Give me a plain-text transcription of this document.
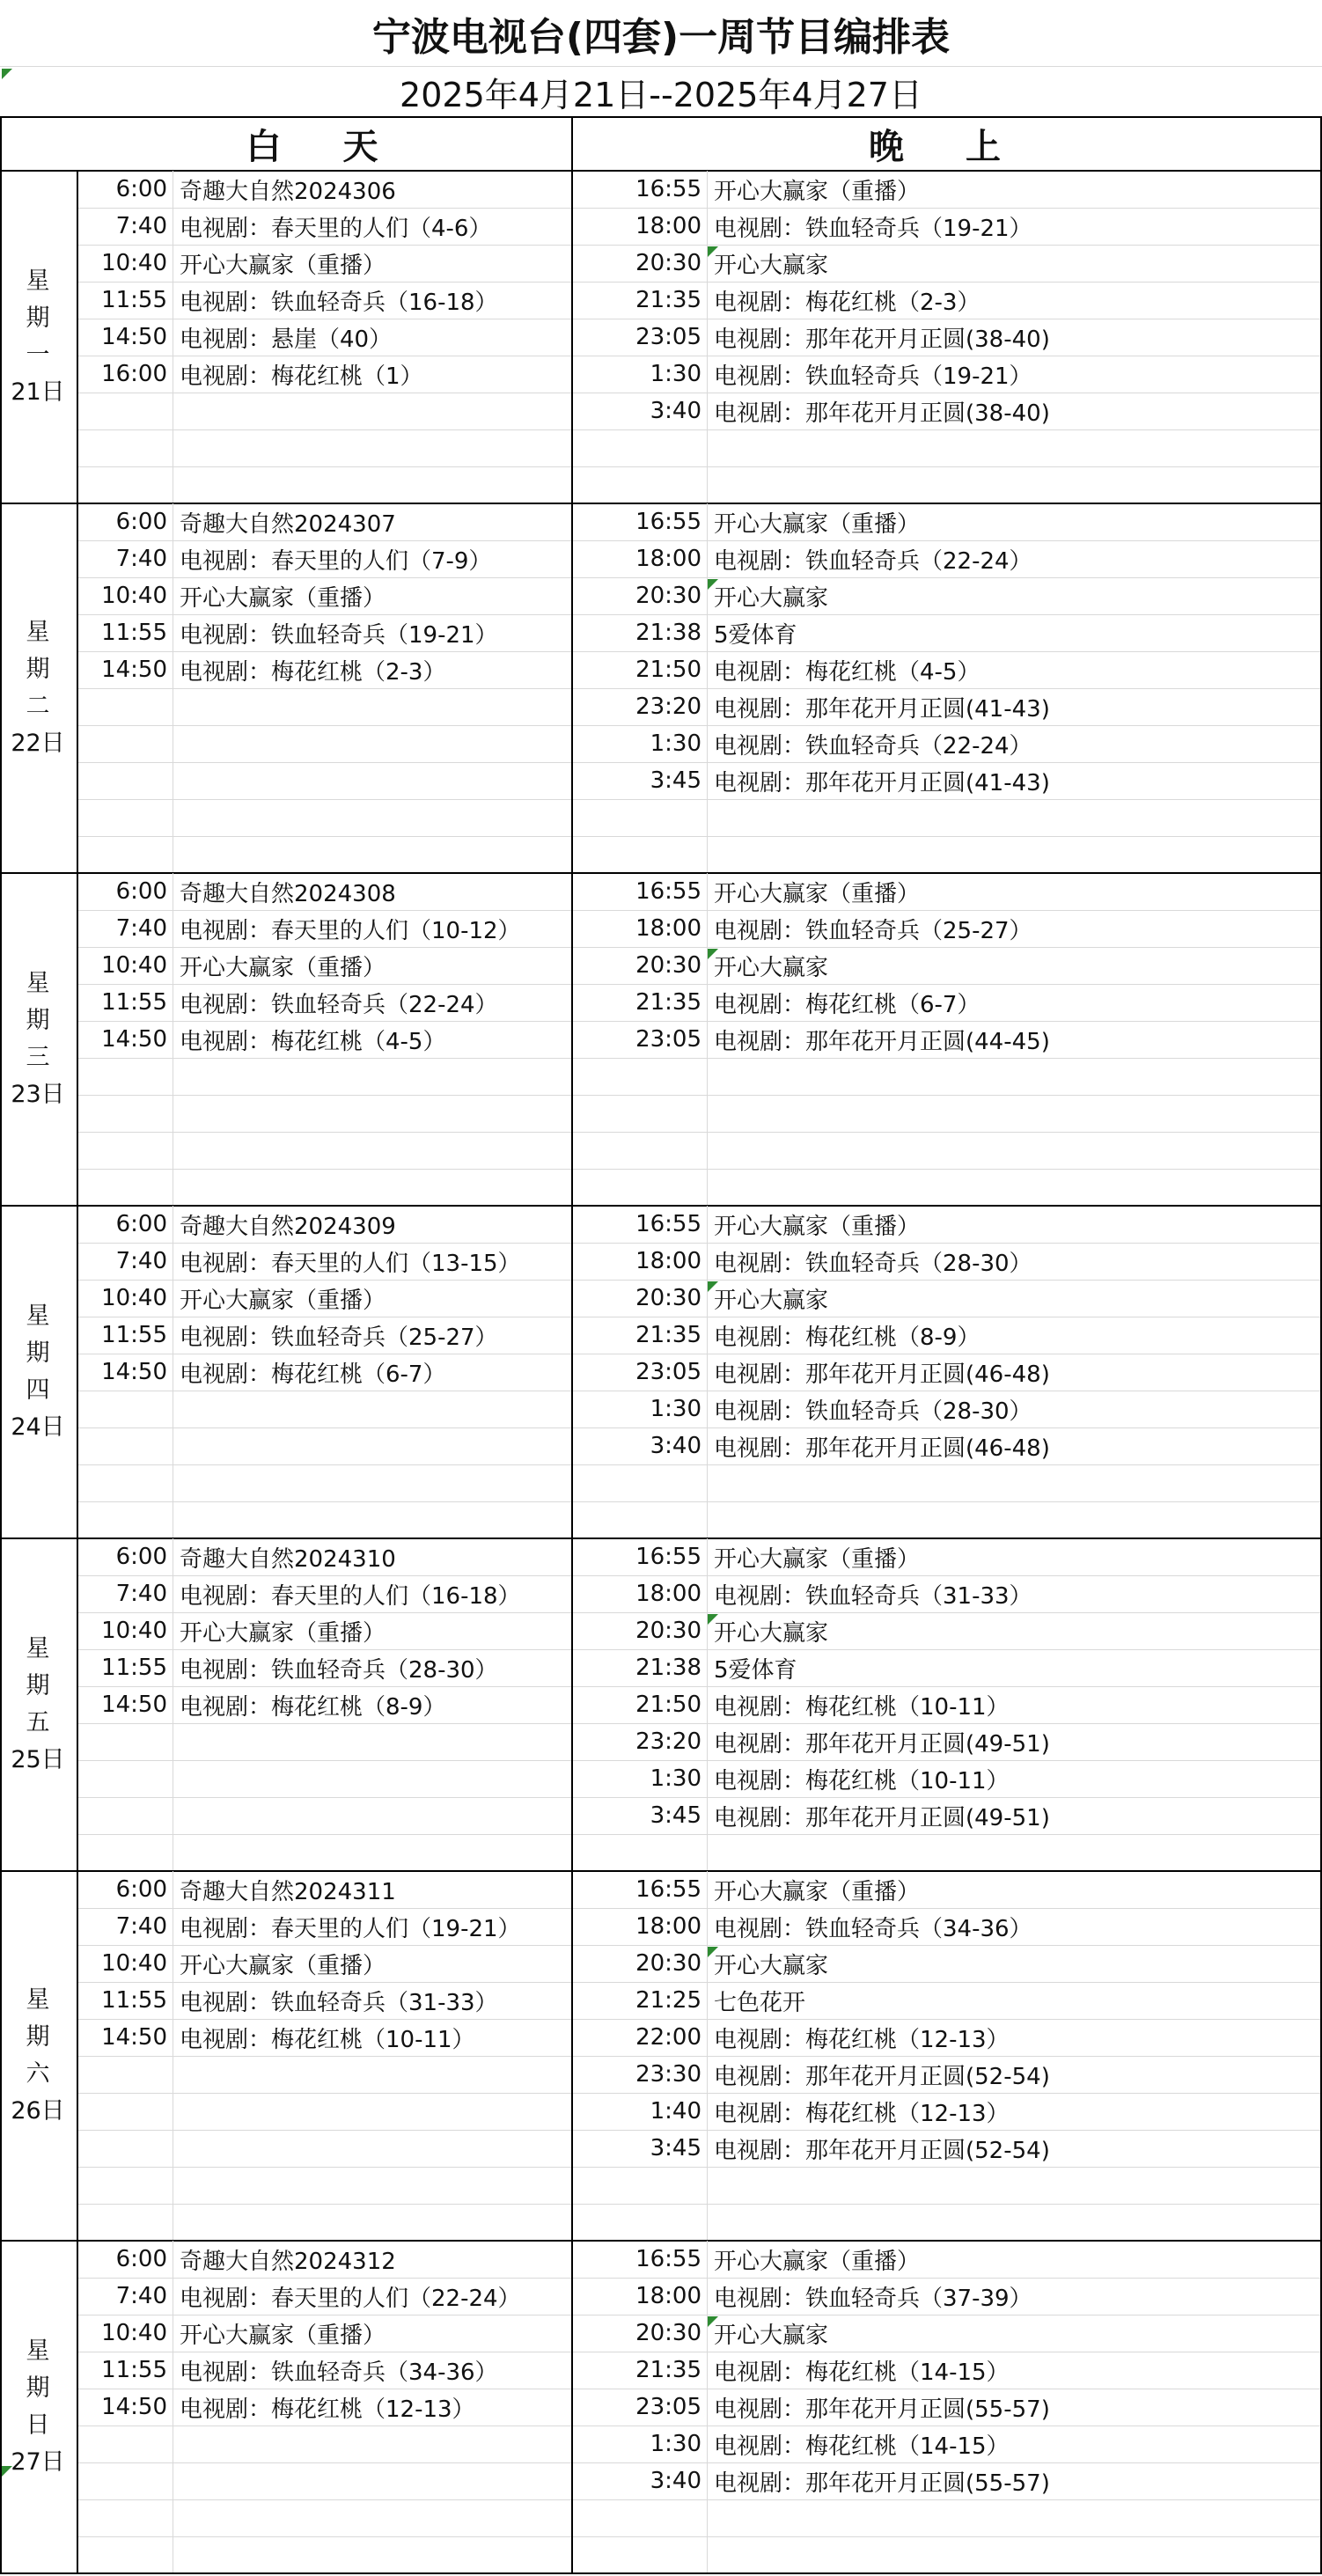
宁波电视台(四套)一周节目编排表
2025年4月21日--2025年4月27日
白 天	晚 上
星
期
一
21日
6:00 奇趣大自然2024306
7:40 电视剧：春天里的人们（4-6）
10:40 开心大赢家（重播）
11:55 电视剧：铁血轻奇兵（16-18）
14:50 电视剧：悬崖（40）
16:00 电视剧：梅花红桃（1）
16:55 开心大赢家（重播）
18:00 电视剧：铁血轻奇兵（19-21）
20:30 开心大赢家
21:35 电视剧：梅花红桃（2-3）
23:05 电视剧：那年花开月正圆(38-40)
1:30 电视剧：铁血轻奇兵（19-21）
3:40 电视剧：那年花开月正圆(38-40)
星
期
二
22日
6:00 奇趣大自然2024307
7:40 电视剧：春天里的人们（7-9）
10:40 开心大赢家（重播）
11:55 电视剧：铁血轻奇兵（19-21）
14:50 电视剧：梅花红桃（2-3）
16:55 开心大赢家（重播）
18:00 电视剧：铁血轻奇兵（22-24）
20:30 开心大赢家
21:38 5爱体育
21:50 电视剧：梅花红桃（4-5）
23:20 电视剧：那年花开月正圆(41-43)
1:30 电视剧：铁血轻奇兵（22-24）
3:45 电视剧：那年花开月正圆(41-43)
星
期
三
23日
6:00 奇趣大自然2024308
7:40 电视剧：春天里的人们（10-12）
10:40 开心大赢家（重播）
11:55 电视剧：铁血轻奇兵（22-24）
14:50 电视剧：梅花红桃（4-5）
16:55 开心大赢家（重播）
18:00 电视剧：铁血轻奇兵（25-27）
20:30 开心大赢家
21:35 电视剧：梅花红桃（6-7）
23:05 电视剧：那年花开月正圆(44-45)
星
期
四
24日
6:00 奇趣大自然2024309
7:40 电视剧：春天里的人们（13-15）
10:40 开心大赢家（重播）
11:55 电视剧：铁血轻奇兵（25-27）
14:50 电视剧：梅花红桃（6-7）
16:55 开心大赢家（重播）
18:00 电视剧：铁血轻奇兵（28-30）
20:30 开心大赢家
21:35 电视剧：梅花红桃（8-9）
23:05 电视剧：那年花开月正圆(46-48)
1:30 电视剧：铁血轻奇兵（28-30）
3:40 电视剧：那年花开月正圆(46-48)
星
期
五
25日
6:00 奇趣大自然2024310
7:40 电视剧：春天里的人们（16-18）
10:40 开心大赢家（重播）
11:55 电视剧：铁血轻奇兵（28-30）
14:50 电视剧：梅花红桃（8-9）
16:55 开心大赢家（重播）
18:00 电视剧：铁血轻奇兵（31-33）
20:30 开心大赢家
21:38 5爱体育
21:50 电视剧：梅花红桃（10-11）
23:20 电视剧：那年花开月正圆(49-51)
1:30 电视剧：梅花红桃（10-11）
3:45 电视剧：那年花开月正圆(49-51)
星
期
六
26日
6:00 奇趣大自然2024311
7:40 电视剧：春天里的人们（19-21）
10:40 开心大赢家（重播）
11:55 电视剧：铁血轻奇兵（31-33）
14:50 电视剧：梅花红桃（10-11）
16:55 开心大赢家（重播）
18:00 电视剧：铁血轻奇兵（34-36）
20:30 开心大赢家
21:25 七色花开
22:00 电视剧：梅花红桃（12-13）
23:30 电视剧：那年花开月正圆(52-54)
1:40 电视剧：梅花红桃（12-13）
3:45 电视剧：那年花开月正圆(52-54)
星
期
日
27日
6:00 奇趣大自然2024312
7:40 电视剧：春天里的人们（22-24）
10:40 开心大赢家（重播）
11:55 电视剧：铁血轻奇兵（34-36）
14:50 电视剧：梅花红桃（12-13）
16:55 开心大赢家（重播）
18:00 电视剧：铁血轻奇兵（37-39）
20:30 开心大赢家
21:35 电视剧：梅花红桃（14-15）
23:05 电视剧：那年花开月正圆(55-57)
1:30 电视剧：梅花红桃（14-15）
3:40 电视剧：那年花开月正圆(55-57)
